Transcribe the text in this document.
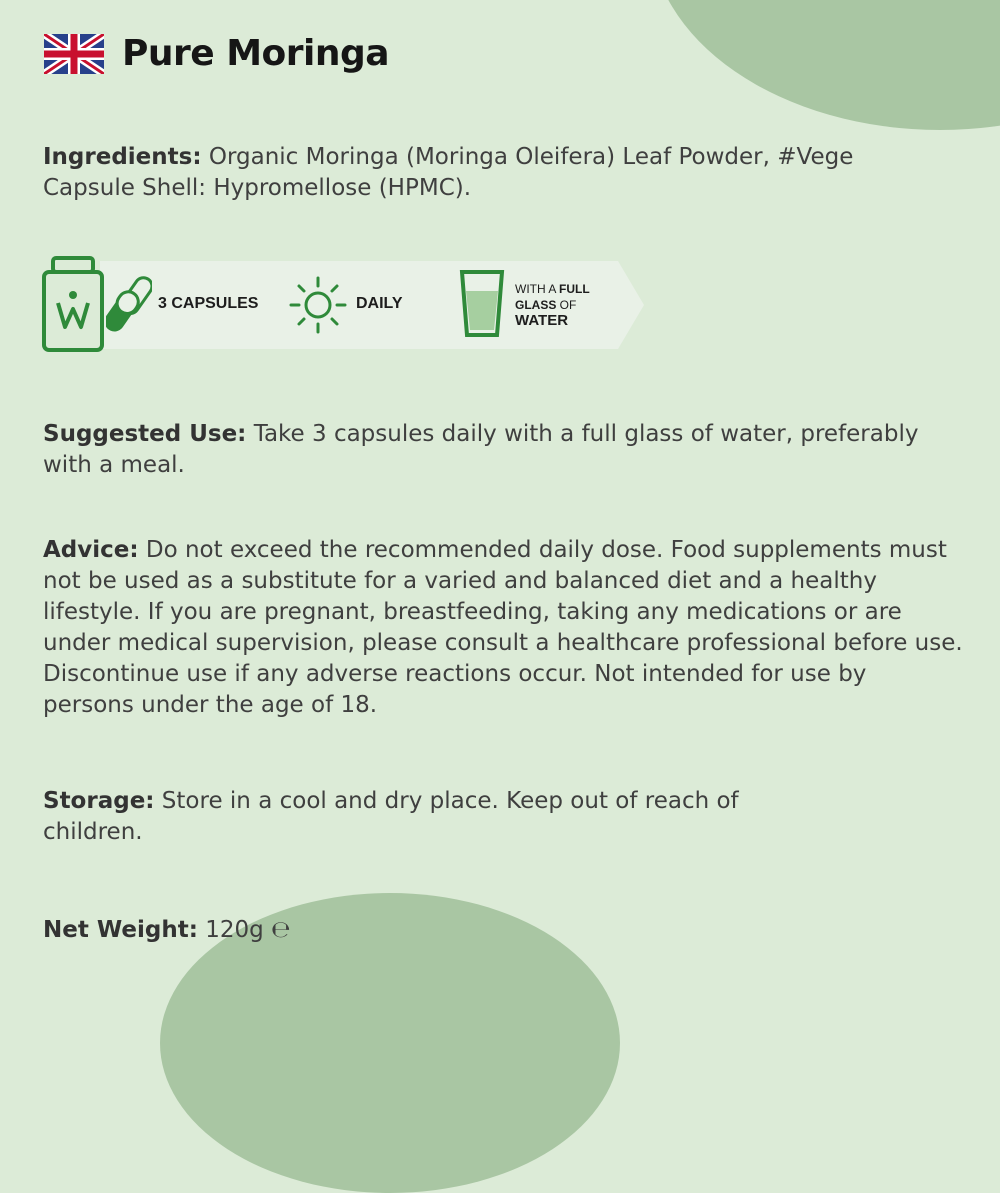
Pure Moringa

Ingredients: Organic Moringa (Moringa Oleifera) Leaf Powder, #Vege Capsule Shell: Hypromellose (HPMC).

3 CAPSULES	DAILY
WITH A FULL
GLASS OF
WATER

Suggested Use: Take 3 capsules daily with a full glass of water, preferably with a meal.

Advice: Do not exceed the recommended daily dose. Food supplements must not be used as a substitute for a varied and balanced diet and a healthy lifestyle. If you are pregnant, breastfeeding, taking any medications or are under medical supervision, please consult a healthcare professional before use. Discontinue use if any adverse reactions occur. Not intended for use by persons under the age of 18.

Storage: Store in a cool and dry place. Keep out of reach of children.

Net Weight: 120g ℮
